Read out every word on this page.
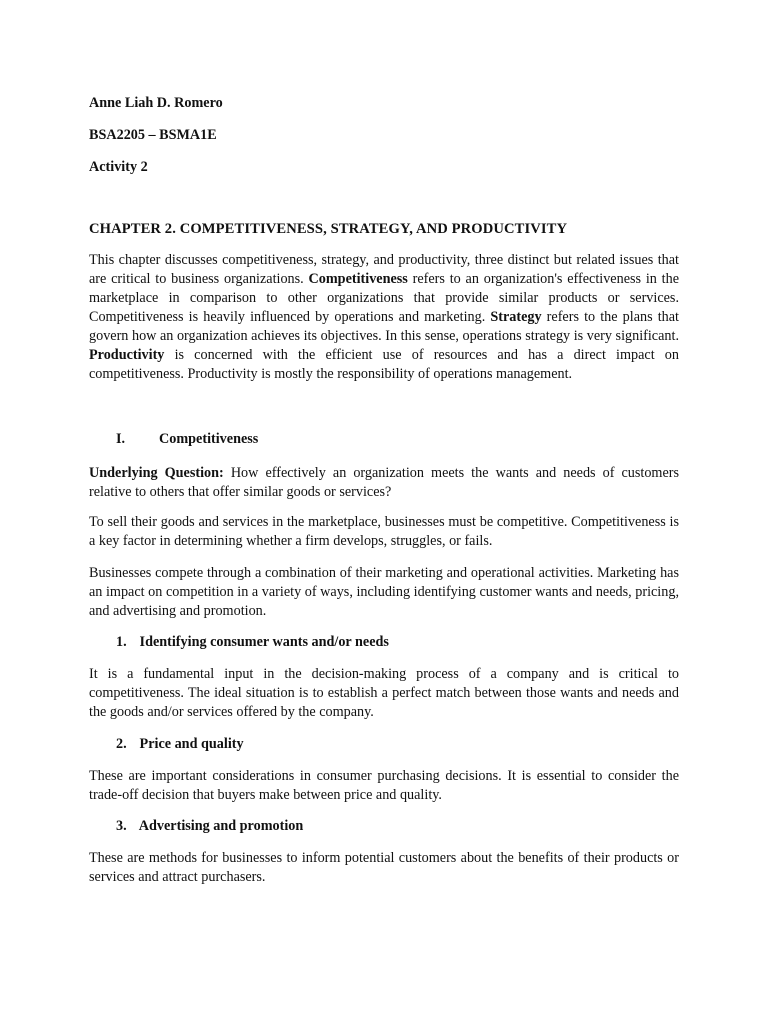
Anne Liah D. Romero

BSA2205 – BSMA1E

Activity 2

CHAPTER 2. COMPETITIVENESS, STRATEGY, AND PRODUCTIVITY

This chapter discusses competitiveness, strategy, and productivity, three distinct but related issues that are critical to business organizations. Competitiveness refers to an organization's effectiveness in the marketplace in comparison to other organizations that provide similar products or services. Competitiveness is heavily influenced by operations and marketing. Strategy refers to the plans that govern how an organization achieves its objectives. In this sense, operations strategy is very significant. Productivity is concerned with the efficient use of resources and has a direct impact on competitiveness. Productivity is mostly the responsibility of operations management.

I. Competitiveness

Underlying Question: How effectively an organization meets the wants and needs of customers relative to others that offer similar goods or services?

To sell their goods and services in the marketplace, businesses must be competitive. Competitiveness is a key factor in determining whether a firm develops, struggles, or fails.

Businesses compete through a combination of their marketing and operational activities. Marketing has an impact on competition in a variety of ways, including identifying customer wants and needs, pricing, and advertising and promotion.

1. Identifying consumer wants and/or needs

It is a fundamental input in the decision-making process of a company and is critical to competitiveness. The ideal situation is to establish a perfect match between those wants and needs and the goods and/or services offered by the company.

2. Price and quality

These are important considerations in consumer purchasing decisions. It is essential to consider the trade-off decision that buyers make between price and quality.

3. Advertising and promotion

These are methods for businesses to inform potential customers about the benefits of their products or services and attract purchasers.
